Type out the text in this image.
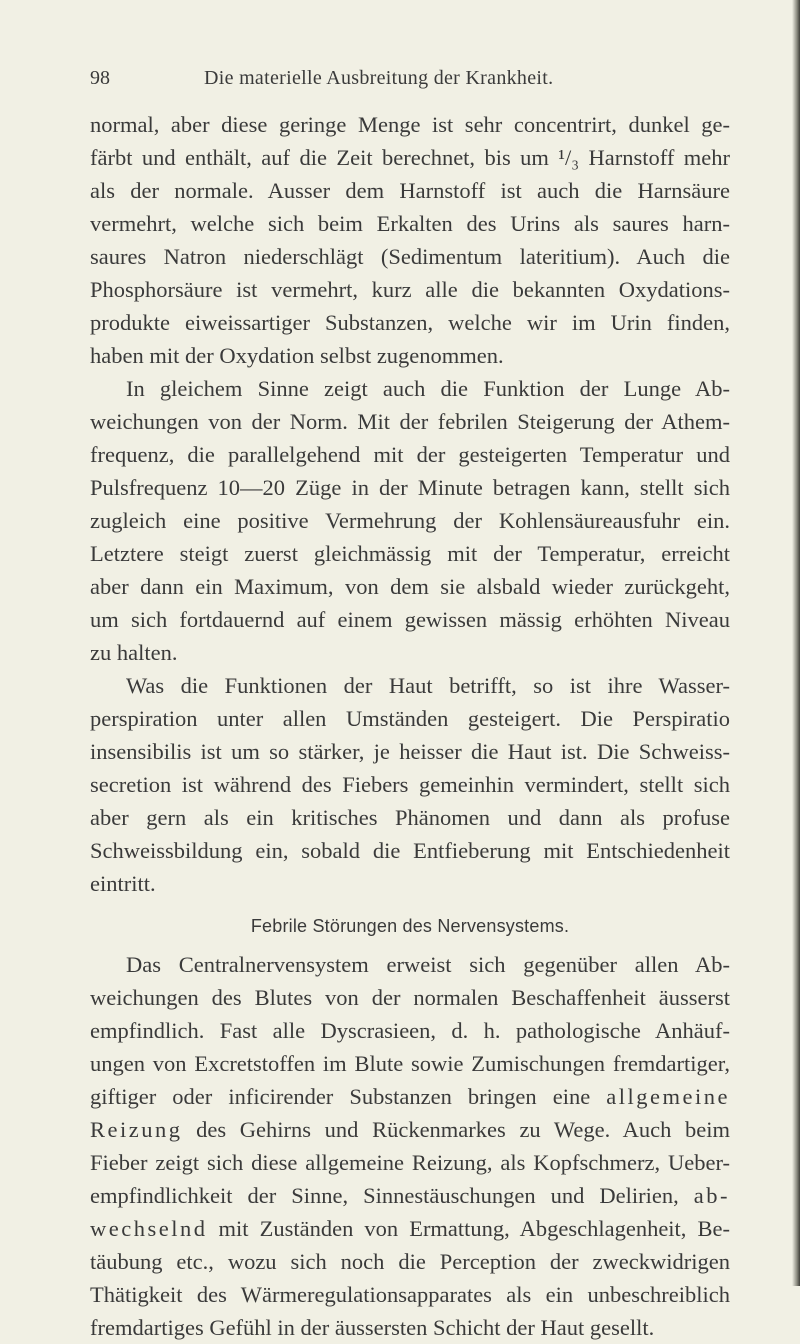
98	Die materielle Ausbreitung der Krankheit.
normal, aber diese geringe Menge ist sehr concentrirt, dunkel ge-
färbt und enthält, auf die Zeit berechnet, bis um ¹/₃ Harnstoff mehr
als der normale. Ausser dem Harnstoff ist auch die Harnsäure
vermehrt, welche sich beim Erkalten des Urins als saures harn-
saures Natron niederschlägt (Sedimentum lateritium). Auch die
Phosphorsäure ist vermehrt, kurz alle die bekannten Oxydations-
produkte eiweissartiger Substanzen, welche wir im Urin finden,
haben mit der Oxydation selbst zugenommen.
In gleichem Sinne zeigt auch die Funktion der Lunge Ab-
weichungen von der Norm. Mit der febrilen Steigerung der Athem-
frequenz, die parallelgehend mit der gesteigerten Temperatur und
Pulsfrequenz 10—20 Züge in der Minute betragen kann, stellt sich
zugleich eine positive Vermehrung der Kohlensäureausfuhr ein.
Letztere steigt zuerst gleichmässig mit der Temperatur, erreicht
aber dann ein Maximum, von dem sie alsbald wieder zurückgeht,
um sich fortdauernd auf einem gewissen mässig erhöhten Niveau
zu halten.
Was die Funktionen der Haut betrifft, so ist ihre Wasser-
perspiration unter allen Umständen gesteigert. Die Perspiratio
insensibilis ist um so stärker, je heisser die Haut ist. Die Schweiss-
secretion ist während des Fiebers gemeinhin vermindert, stellt sich
aber gern als ein kritisches Phänomen und dann als profuse
Schweissbildung ein, sobald die Entfieberung mit Entschiedenheit
eintritt.
Febrile Störungen des Nervensystems.
Das Centralnervensystem erweist sich gegenüber allen Ab-
weichungen des Blutes von der normalen Beschaffenheit äusserst
empfindlich. Fast alle Dyscrasieen, d. h. pathologische Anhäuf-
ungen von Excretstoffen im Blute sowie Zumischungen fremdartiger,
giftiger oder inficirender Substanzen bringen eine allgemeine
Reizung des Gehirns und Rückenmarkes zu Wege. Auch beim
Fieber zeigt sich diese allgemeine Reizung, als Kopfschmerz, Ueber-
empfindlichkeit der Sinne, Sinnestäuschungen und Delirien, ab-
wechselnd mit Zuständen von Ermattung, Abgeschlagenheit, Be-
täubung etc., wozu sich noch die Perception der zweckwidrigen
Thätigkeit des Wärmeregulationsapparates als ein unbeschreiblich
fremdartiges Gefühl in der äussersten Schicht der Haut gesellt.
